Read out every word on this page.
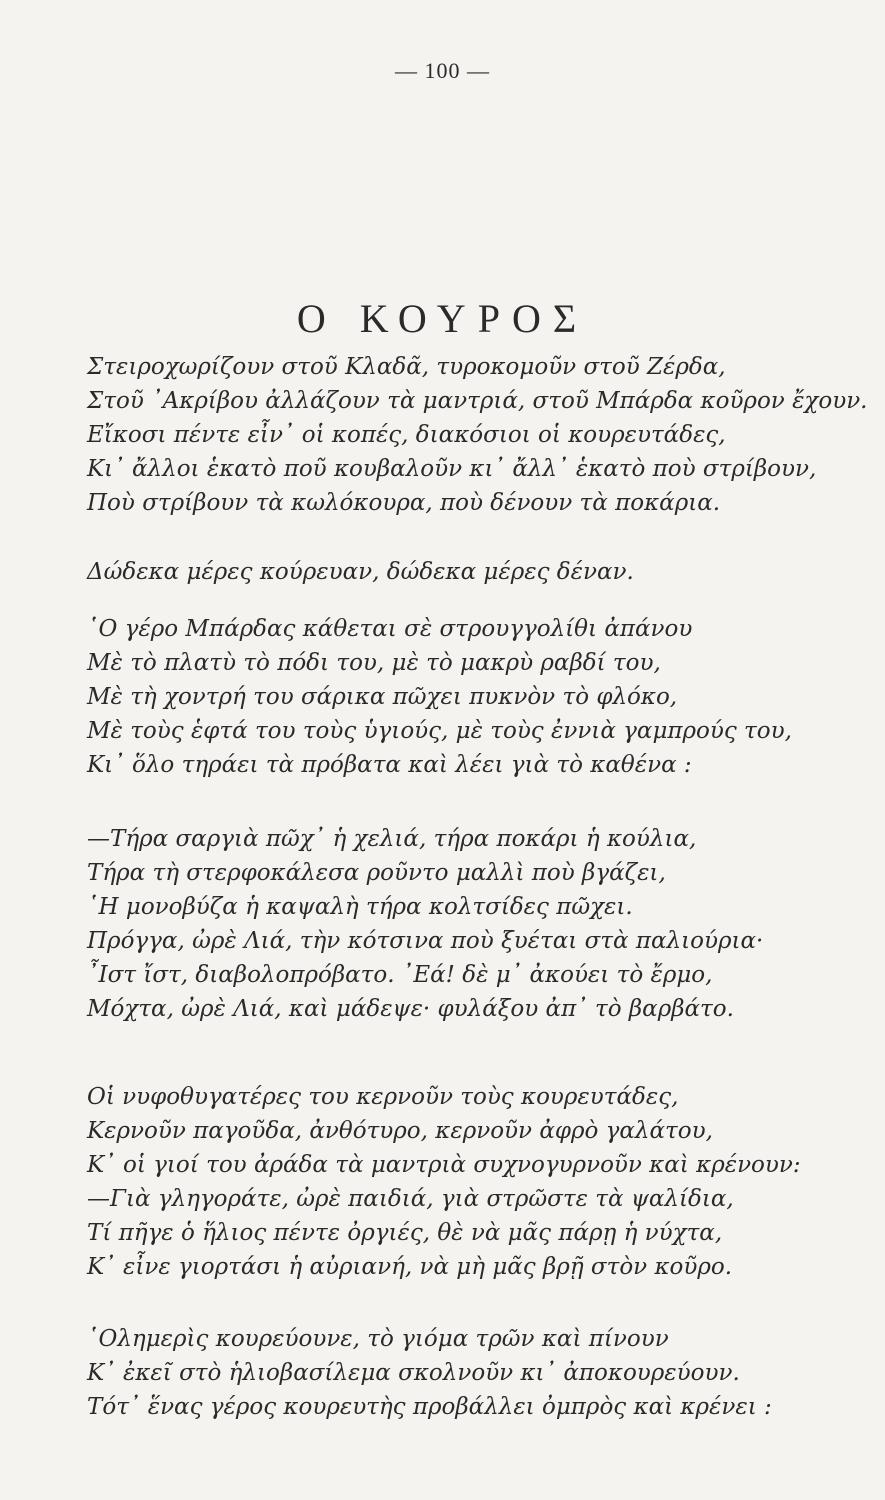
— 100 —
Ο ΚΟΥΡΟΣ
Στειροχωρίζουν στοῦ Κλαδᾶ, τυροκομοῦν στοῦ Ζέρδα,
Στοῦ ᾿Ακρίβου ἀλλάζουν τὰ μαντριά, στοῦ Μπάρδα κοῦρον ἔχουν.
Εἴκοσι πέντε εἶν᾿ οἱ κοπές, διακόσιοι οἱ κουρευτάδες,
Κι᾿ ἄλλοι ἑκατὸ ποῦ κουβαλοῦν κι᾿ ἄλλ᾿ ἑκατὸ ποὺ στρίβουν,
Ποὺ στρίβουν τὰ κωλόκουρα, ποὺ δένουν τὰ ποκάρια.
Δώδεκα μέρες κούρευαν, δώδεκα μέρες δέναν.
῾Ο γέρο Μπάρδας κάθεται σὲ στρουγγολίθι ἀπάνου
Μὲ τὸ πλατὺ τὸ πόδι του, μὲ τὸ μακρὺ ραβδί του,
Μὲ τὴ χοντρή του σάρικα πῶχει πυκνὸν τὸ φλόκο,
Μὲ τοὺς ἑφτά του τοὺς ὑγιούς, μὲ τοὺς ἐννιὰ γαμπρούς του,
Κι᾿ ὅλο τηράει τὰ πρόβατα καὶ λέει γιὰ τὸ καθένα :
—Τήρα σαργιὰ πῶχ᾿ ἡ χελιά, τήρα ποκάρι ἡ κούλια,
Τήρα τὴ στερφοκάλεσα ροῦντο μαλλὶ ποὺ βγάζει,
῾Η μονοβύζα ἡ καψαλὴ τήρα κολτσίδες πῶχει.
Πρόγγα, ὠρὲ Λιά, τὴν κότσινα ποὺ ξυέται στὰ παλιούρια·
῏Ιστ ἴστ, διαβολοπρόβατο. ᾿Εά! δὲ μ᾿ ἀκούει τὸ ἔρμο,
Μόχτα, ὠρὲ Λιά, καὶ μάδεψε· φυλάξου ἀπ᾿ τὸ βαρβάτο.
Οἱ νυφοθυγατέρες του κερνοῦν τοὺς κουρευτάδες,
Κερνοῦν παγοῦδα, ἀνθότυρο, κερνοῦν ἀφρὸ γαλάτου,
Κ᾿ οἱ γιοί του ἀράδα τὰ μαντριὰ συχνογυρνοῦν καὶ κρένουν:
—Γιὰ γληγοράτε, ὠρὲ παιδιά, γιὰ στρῶστε τὰ ψαλίδια,
Τί πῆγε ὁ ἥλιος πέντε ὀργιές, θὲ νὰ μᾶς πάρῃ ἡ νύχτα,
Κ᾿ εἶνε γιορτάσι ἡ αὐριανή, νὰ μὴ μᾶς βρῇ στὸν κοῦρο.
῾Ολημερὶς κουρεύουνε, τὸ γιόμα τρῶν καὶ πίνουν
Κ᾿ ἐκεῖ στὸ ἡλιοβασίλεμα σκολνοῦν κι᾿ ἀποκουρεύουν.
Τότ᾿ ἕνας γέρος κουρευτὴς προβάλλει ὀμπρὸς καὶ κρένει :
